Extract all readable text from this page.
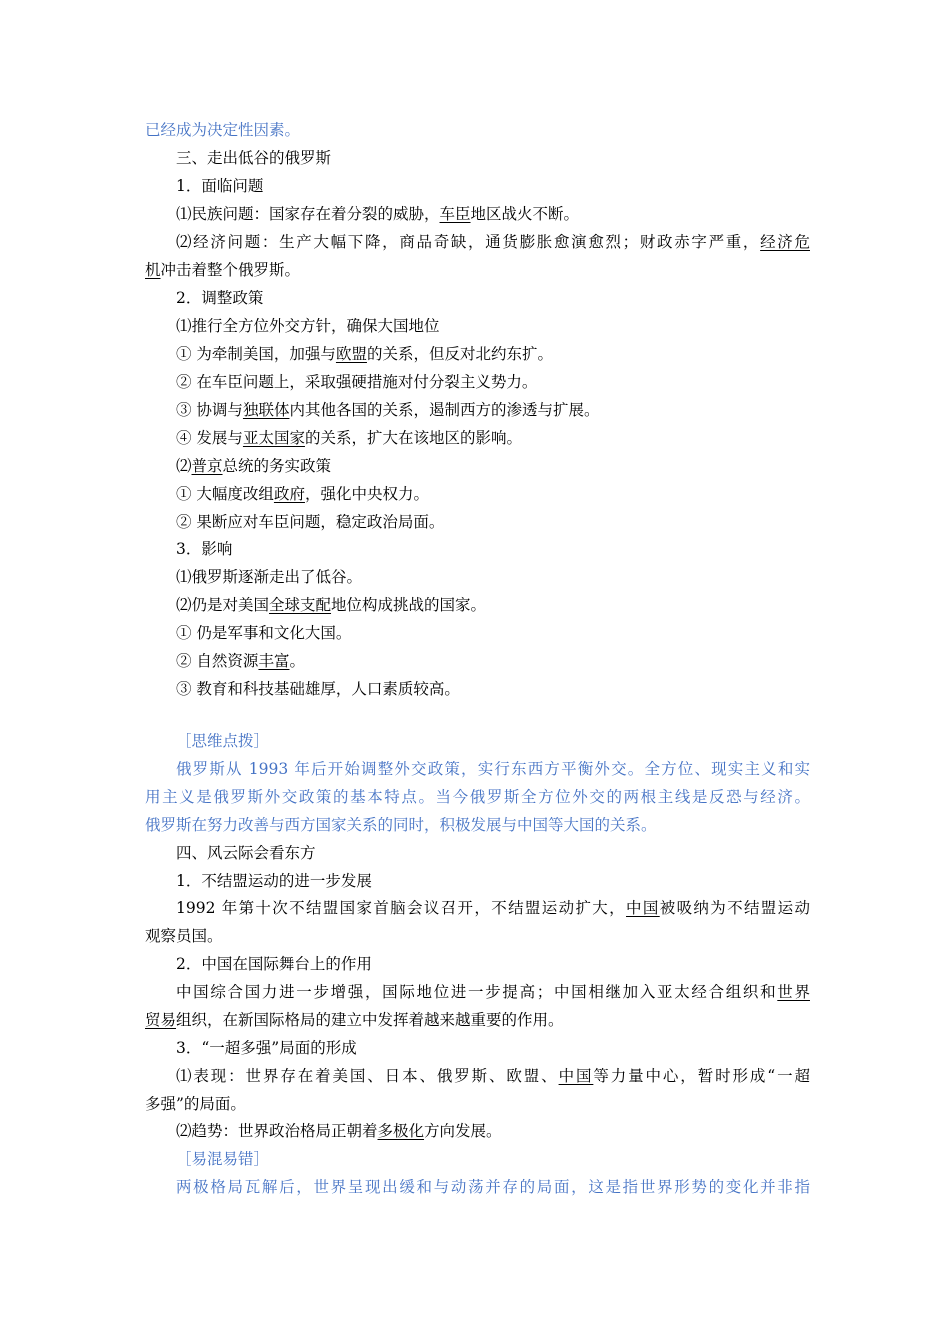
已经成为决定性因素。
三、走出低谷的俄罗斯
1．面临问题
⑴民族问题：国家存在着分裂的威胁，车臣地区战火不断。
⑵经济问题：生产大幅下降，商品奇缺，通货膨胀愈演愈烈；财政赤字严重，经济危
机冲击着整个俄罗斯。
2．调整政策
⑴推行全方位外交方针，确保大国地位
① 为牵制美国，加强与欧盟的关系，但反对北约东扩。
② 在车臣问题上，采取强硬措施对付分裂主义势力。
③ 协调与独联体内其他各国的关系，遏制西方的渗透与扩展。
④ 发展与亚太国家的关系，扩大在该地区的影响。
⑵普京总统的务实政策
① 大幅度改组政府，强化中央权力。
② 果断应对车臣问题，稳定政治局面。
3．影响
⑴俄罗斯逐渐走出了低谷。
⑵仍是对美国全球支配地位构成挑战的国家。
① 仍是军事和文化大国。
② 自然资源丰富。
③ 教育和科技基础雄厚，人口素质较高。
［思维点拨］
俄罗斯从 1993 年后开始调整外交政策，实行东西方平衡外交。全方位、现实主义和实
用主义是俄罗斯外交政策的基本特点。当今俄罗斯全方位外交的两根主线是反恐与经济。
俄罗斯在努力改善与西方国家关系的同时，积极发展与中国等大国的关系。
四、风云际会看东方
1．不结盟运动的进一步发展
1992 年第十次不结盟国家首脑会议召开，不结盟运动扩大，中国被吸纳为不结盟运动
观察员国。
2．中国在国际舞台上的作用
中国综合国力进一步增强，国际地位进一步提高；中国相继加入亚太经合组织和世界
贸易组织，在新国际格局的建立中发挥着越来越重要的作用。
3．“一超多强”局面的形成
⑴表现：世界存在着美国、日本、俄罗斯、欧盟、中国等力量中心，暂时形成“一超
多强”的局面。
⑵趋势：世界政治格局正朝着多极化方向发展。
［易混易错］
两极格局瓦解后，世界呈现出缓和与动荡并存的局面，这是指世界形势的变化并非指
